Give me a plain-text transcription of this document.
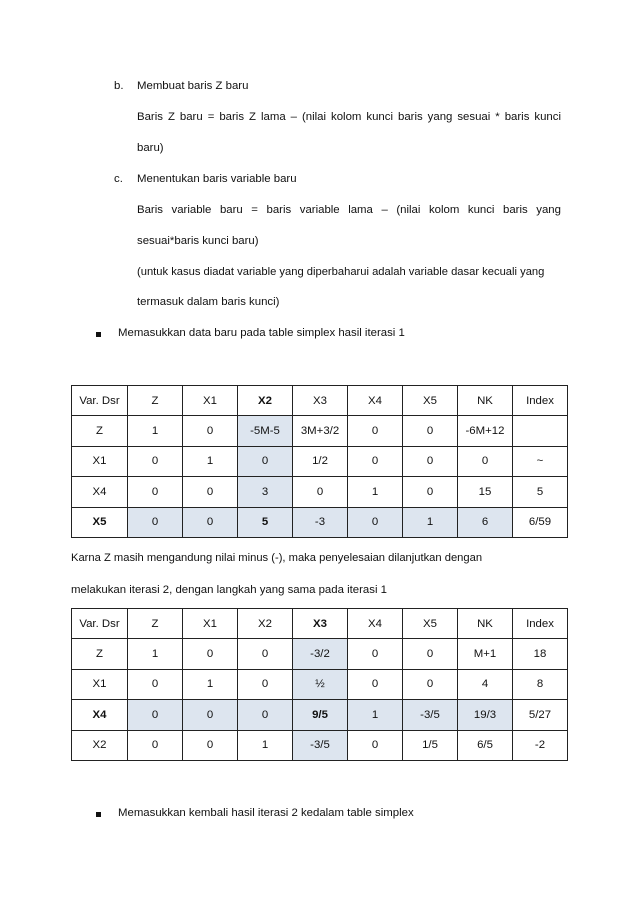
b. Membuat baris Z baru
Baris Z baru = baris Z lama – (nilai kolom kunci baris yang sesuai * baris kunci
baru)
c. Menentukan baris variable baru
Baris variable baru = baris variable lama – (nilai kolom kunci baris yang
sesuai*baris kunci baru)
(untuk kasus diadat variable yang diperbaharui adalah variable dasar kecuali yang
termasuk dalam baris kunci)
Memasukkan data baru pada table simplex hasil iterasi 1
Var. Dsr	Z	X1	X2	X3	X4	X5	NK	Index
Z	1	0	-5M-5	3M+3/2	0	0	-6M+12	
X1	0	1	0	1/2	0	0	0	~
X4	0	0	3	0	1	0	15	5
X5	0	0	5	-3	0	1	6	6/59
Karna Z masih mengandung nilai minus (-), maka penyelesaian dilanjutkan dengan
melakukan iterasi 2, dengan langkah yang sama pada iterasi 1
Var. Dsr	Z	X1	X2	X3	X4	X5	NK	Index
Z	1	0	0	-3/2	0	0	M+1	18
X1	0	1	0	½	0	0	4	8
X4	0	0	0	9/5	1	-3/5	19/3	5/27
X2	0	0	1	-3/5	0	1/5	6/5	-2
Memasukkan kembali hasil iterasi 2 kedalam table simplex
